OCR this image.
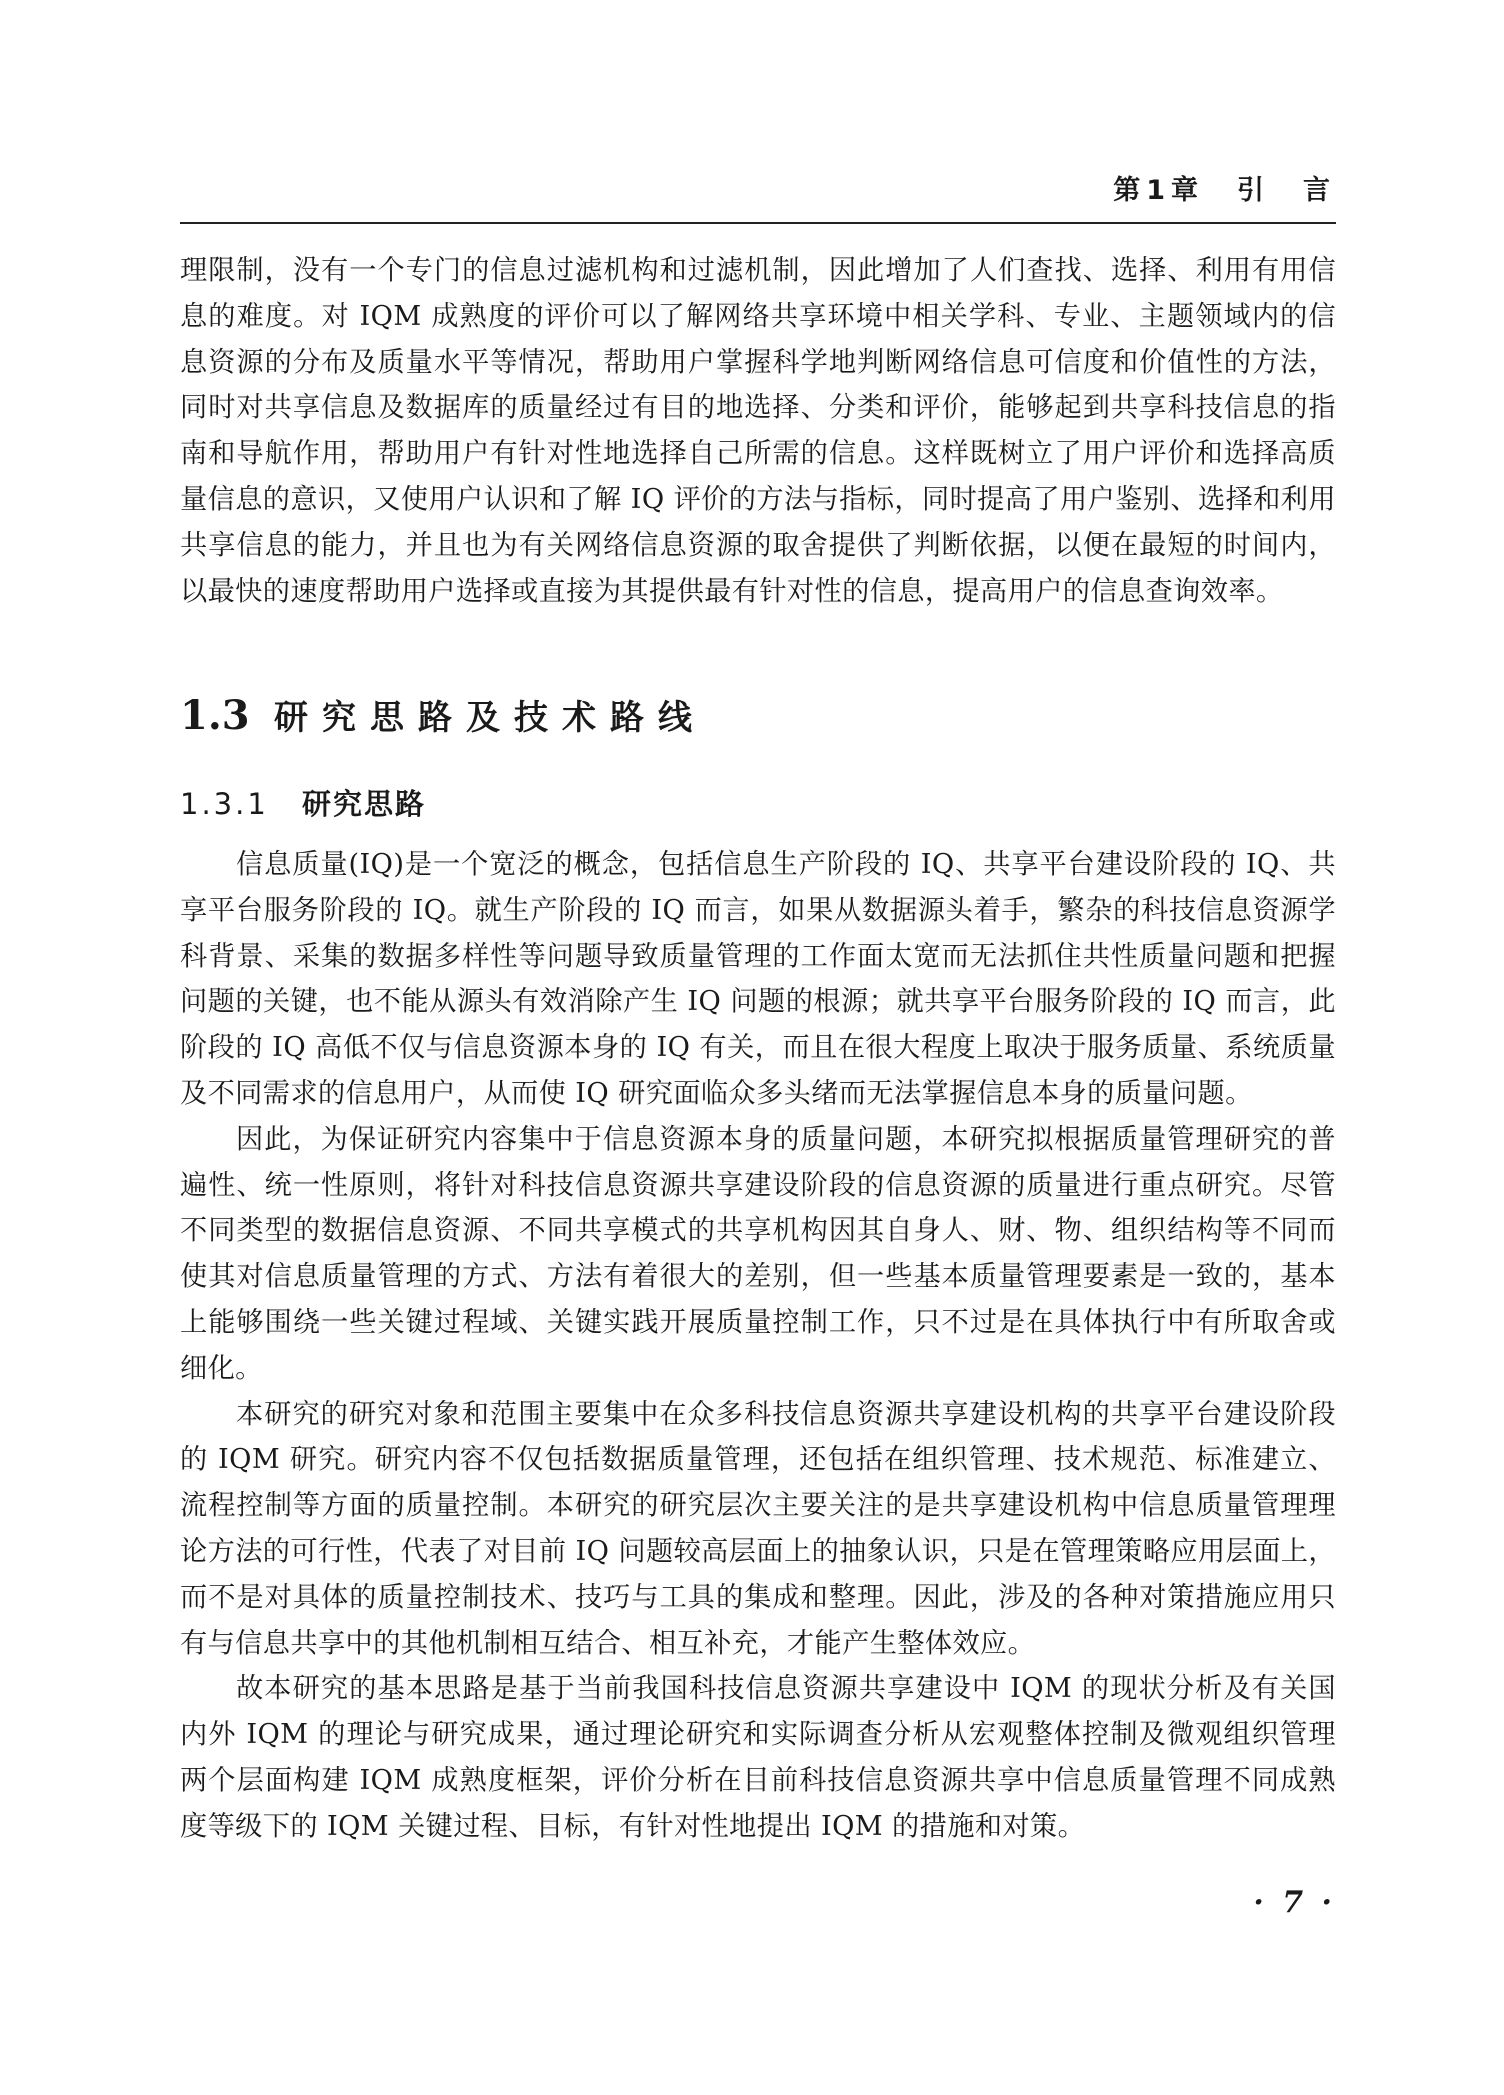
第1章　引　言

理限制，没有一个专门的信息过滤机构和过滤机制，因此增加了人们查找、选择、利用有用信息的难度。对 IQM 成熟度的评价可以了解网络共享环境中相关学科、专业、主题领域内的信息资源的分布及质量水平等情况，帮助用户掌握科学地判断网络信息可信度和价值性的方法，同时对共享信息及数据库的质量经过有目的地选择、分类和评价，能够起到共享科技信息的指南和导航作用，帮助用户有针对性地选择自己所需的信息。这样既树立了用户评价和选择高质量信息的意识，又使用户认识和了解 IQ 评价的方法与指标，同时提高了用户鉴别、选择和利用共享信息的能力，并且也为有关网络信息资源的取舍提供了判断依据，以便在最短的时间内，以最快的速度帮助用户选择或直接为其提供最有针对性的信息，提高用户的信息查询效率。

1.3 研究思路及技术路线
1.3.1 研究思路

信息质量(IQ)是一个宽泛的概念，包括信息生产阶段的 IQ、共享平台建设阶段的 IQ、共享平台服务阶段的 IQ。就生产阶段的 IQ 而言，如果从数据源头着手，繁杂的科技信息资源学科背景、采集的数据多样性等问题导致质量管理的工作面太宽而无法抓住共性质量问题和把握问题的关键，也不能从源头有效消除产生 IQ 问题的根源；就共享平台服务阶段的 IQ 而言，此阶段的 IQ 高低不仅与信息资源本身的 IQ 有关，而且在很大程度上取决于服务质量、系统质量及不同需求的信息用户，从而使 IQ 研究面临众多头绪而无法掌握信息本身的质量问题。

因此，为保证研究内容集中于信息资源本身的质量问题，本研究拟根据质量管理研究的普遍性、统一性原则，将针对科技信息资源共享建设阶段的信息资源的质量进行重点研究。尽管不同类型的数据信息资源、不同共享模式的共享机构因其自身人、财、物、组织结构等不同而使其对信息质量管理的方式、方法有着很大的差别，但一些基本质量管理要素是一致的，基本上能够围绕一些关键过程域、关键实践开展质量控制工作，只不过是在具体执行中有所取舍或细化。

本研究的研究对象和范围主要集中在众多科技信息资源共享建设机构的共享平台建设阶段的 IQM 研究。研究内容不仅包括数据质量管理，还包括在组织管理、技术规范、标准建立、流程控制等方面的质量控制。本研究的研究层次主要关注的是共享建设机构中信息质量管理理论方法的可行性，代表了对目前 IQ 问题较高层面上的抽象认识，只是在管理策略应用层面上，而不是对具体的质量控制技术、技巧与工具的集成和整理。因此，涉及的各种对策措施应用只有与信息共享中的其他机制相互结合、相互补充，才能产生整体效应。

故本研究的基本思路是基于当前我国科技信息资源共享建设中 IQM 的现状分析及有关国内外 IQM 的理论与研究成果，通过理论研究和实际调查分析从宏观整体控制及微观组织管理两个层面构建 IQM 成熟度框架，评价分析在目前科技信息资源共享中信息质量管理不同成熟度等级下的 IQM 关键过程、目标，有针对性地提出 IQM 的措施和对策。

· 7 ·
